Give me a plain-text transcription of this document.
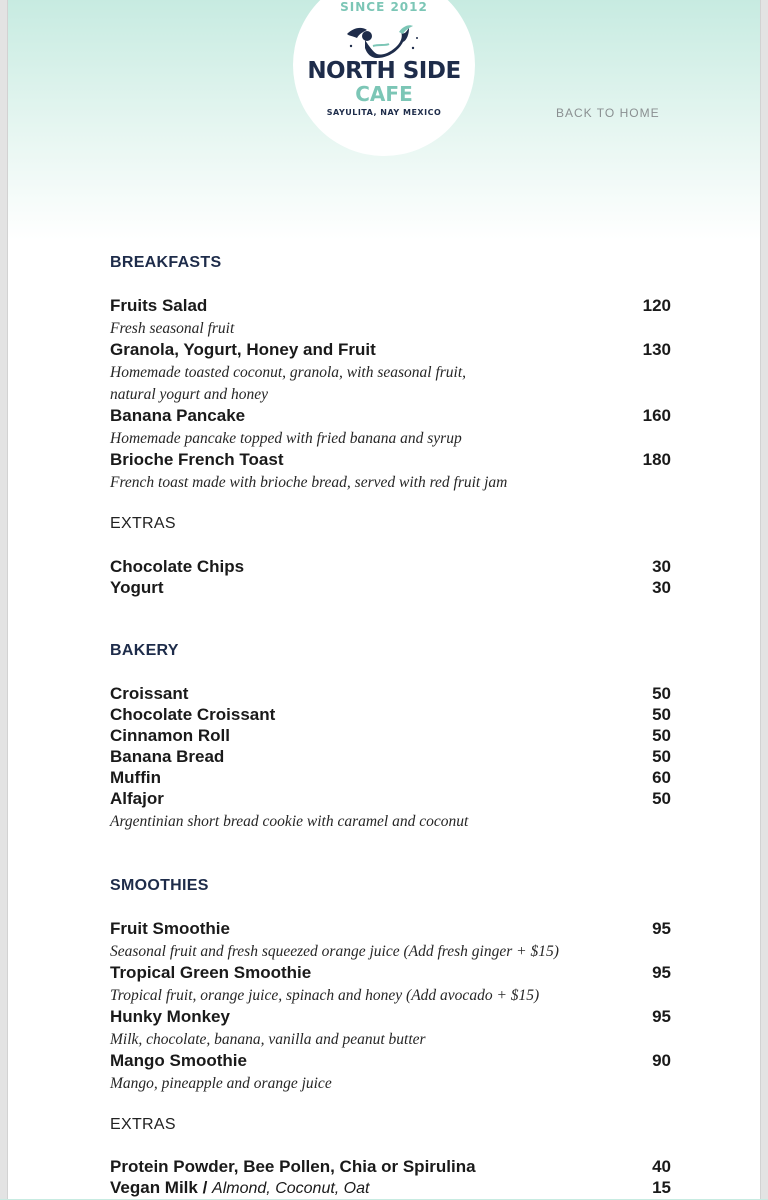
SINCE 2012
NORTH SIDE
CAFE
SAYULITA, NAY MEXICO	BACK TO HOME
BREAKFASTS
Fruits Salad	120
Fresh seasonal fruit
Granola, Yogurt, Honey and Fruit	130
Homemade toasted coconut, granola, with seasonal fruit,
natural yogurt and honey
Banana Pancake	160
Homemade pancake topped with fried banana and syrup
Brioche French Toast	180
French toast made with brioche bread, served with red fruit jam
EXTRAS
Chocolate Chips	30
Yogurt	30
BAKERY
Croissant	50
Chocolate Croissant	50
Cinnamon Roll	50
Banana Bread	50
Muffin	60
Alfajor	50
Argentinian short bread cookie with caramel and coconut
SMOOTHIES
Fruit Smoothie	95
Seasonal fruit and fresh squeezed orange juice (Add fresh ginger + $15)
Tropical Green Smoothie	95
Tropical fruit, orange juice, spinach and honey (Add avocado + $15)
Hunky Monkey	95
Milk, chocolate, banana, vanilla and peanut butter
Mango Smoothie	90
Mango, pineapple and orange juice
EXTRAS
Protein Powder, Bee Pollen, Chia or Spirulina	40
Vegan Milk / Almond, Coconut, Oat	15
